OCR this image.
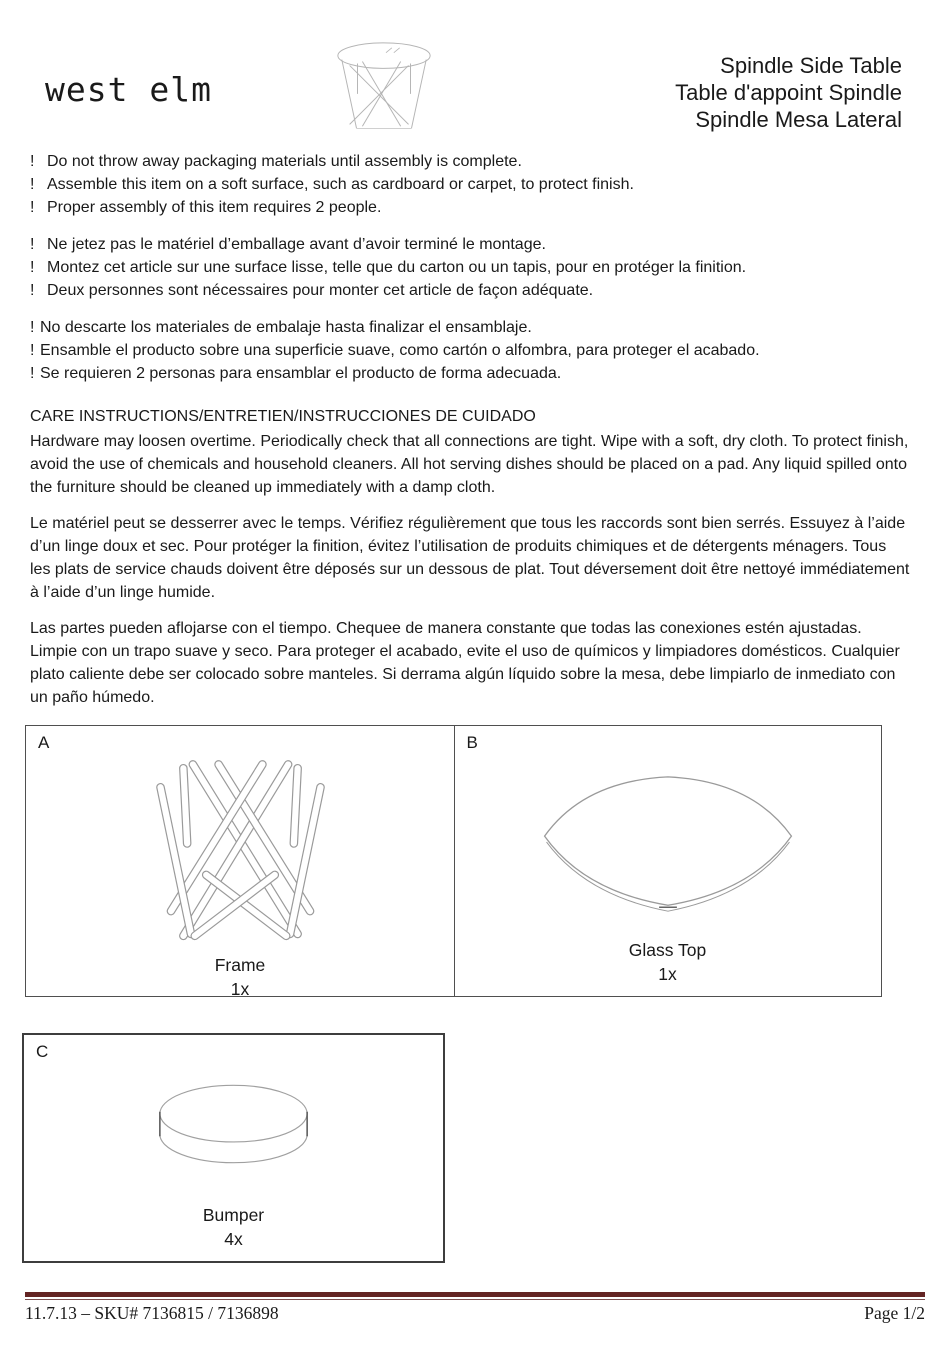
west elm
Spindle Side Table
Table d'appoint Spindle
Spindle Mesa Lateral
! Do not throw away packaging materials until assembly is complete.
! Assemble this item on a soft surface, such as cardboard or carpet, to protect finish.
! Proper assembly of this item requires 2 people.
! Ne jetez pas le matériel d’emballage avant d’avoir terminé le montage.
! Montez cet article sur une surface lisse, telle que du carton ou un tapis, pour en protéger la finition.
! Deux personnes sont nécessaires pour monter cet article de façon adéquate.
! No descarte los materiales de embalaje hasta finalizar el ensamblaje.
! Ensamble el producto sobre una superficie suave, como cartón o alfombra, para proteger el acabado.
! Se requieren 2 personas para ensamblar el producto de forma adecuada.
CARE INSTRUCTIONS/ENTRETIEN/INSTRUCCIONES DE CUIDADO

Hardware may loosen overtime. Periodically check that all connections are tight. Wipe with a soft, dry cloth. To protect finish, avoid the use of chemicals and household cleaners. All hot serving dishes should be placed on a pad. Any liquid spilled onto the furniture should be cleaned up immediately with a damp cloth.

Le matériel peut se desserrer avec le temps. Vérifiez régulièrement que tous les raccords sont bien serrés. Essuyez à l’aide d’un linge doux et sec. Pour protéger la finition, évitez l’utilisation de produits chimiques et de détergents ménagers. Tous les plats de service chauds doivent être déposés sur un dessous de plat. Tout déversement doit être nettoyé immédiatement à l’aide d’un linge humide.

Las partes pueden aflojarse con el tiempo. Chequee de manera constante que todas las conexiones estén ajustadas. Limpie con un trapo suave y seco. Para proteger el acabado, evite el uso de químicos y limpiadores domésticos. Cualquier plato caliente debe ser colocado sobre manteles. Si derrama algún líquido sobre la mesa, debe limpiarlo de inmediato con un paño húmedo.

A
Frame
1x
B
Glass Top
1x
C
Bumper
4x
11.7.13 – SKU# 7136815 / 7136898	Page 1/2
